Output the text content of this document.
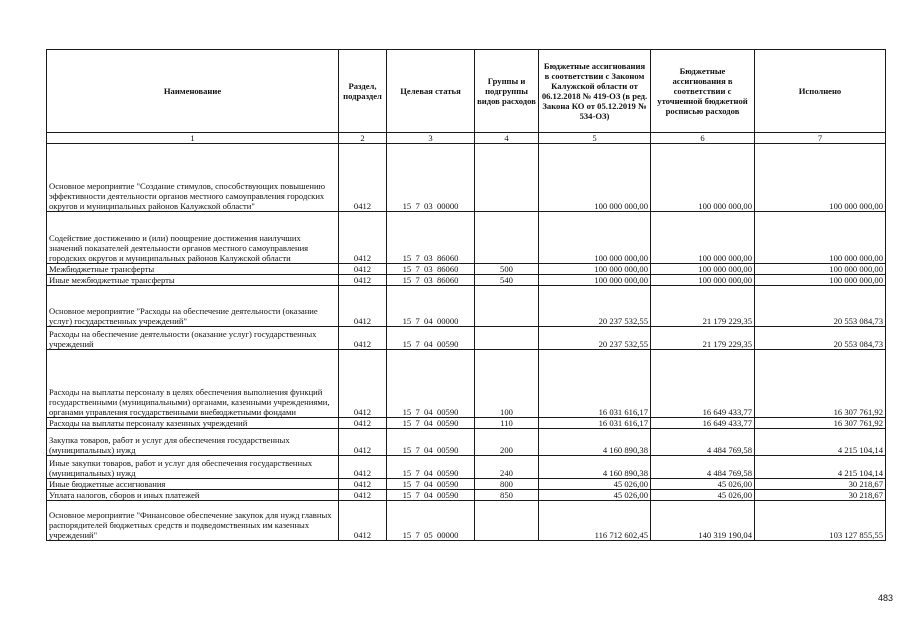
Наименование	Раздел, подраздел	Целевая статья	Группы и подгруппы видов расходов	Бюджетные ассигнования в соответствии с Законом Калужской области от 06.12.2018 № 419-ОЗ (в ред. Закона КО от 05.12.2019 № 534-ОЗ)	Бюджетные ассигнования в соответствии с уточненной бюджетной росписью расходов	Исполнено
1	2	3	4	5	6	7
Основное мероприятие "Создание стимулов, способствующих повышению эффективности деятельности органов местного самоуправления городских округов и муниципальных районов Калужской области"	0412	15  7  03  00000		100 000 000,00	100 000 000,00	100 000 000,00
Содействие достижению и (или) поощрение достижения наилучших значений показателей деятельности органов местного самоуправления городских округов и муниципальных районов Калужской области	0412	15  7  03  86060		100 000 000,00	100 000 000,00	100 000 000,00
Межбюджетные трансферты	0412	15  7  03  86060	500	100 000 000,00	100 000 000,00	100 000 000,00
Иные межбюджетные трансферты	0412	15  7  03  86060	540	100 000 000,00	100 000 000,00	100 000 000,00
Основное мероприятие "Расходы на обеспечение деятельности (оказание услуг) государственных учреждений"	0412	15  7  04  00000		20 237 532,55	21 179 229,35	20 553 084,73
Расходы на обеспечение деятельности (оказание услуг) государственных учреждений	0412	15  7  04  00590		20 237 532,55	21 179 229,35	20 553 084,73
Расходы на выплаты персоналу в целях обеспечения выполнения функций государственными (муниципальными) органами, казенными учреждениями, органами управления государственными внебюджетными фондами	0412	15  7  04  00590	100	16 031 616,17	16 649 433,77	16 307 761,92
Расходы на выплаты персоналу казенных учреждений	0412	15  7  04  00590	110	16 031 616,17	16 649 433,77	16 307 761,92
Закупка товаров, работ и услуг для обеспечения государственных (муниципальных) нужд	0412	15  7  04  00590	200	4 160 890,38	4 484 769,58	4 215 104,14
Иные закупки товаров, работ и услуг для обеспечения государственных (муниципальных) нужд	0412	15  7  04  00590	240	4 160 890,38	4 484 769,58	4 215 104,14
Иные бюджетные ассигнования	0412	15  7  04  00590	800	45 026,00	45 026,00	30 218,67
Уплата налогов, сборов и иных платежей	0412	15  7  04  00590	850	45 026,00	45 026,00	30 218,67
Основное мероприятие "Финансовое обеспечение закупок для нужд главных распорядителей бюджетных средств и подведомственных им казенных учреждений"	0412	15  7  05  00000		116 712 602,45	140 319 190,04	103 127 855,55
483
